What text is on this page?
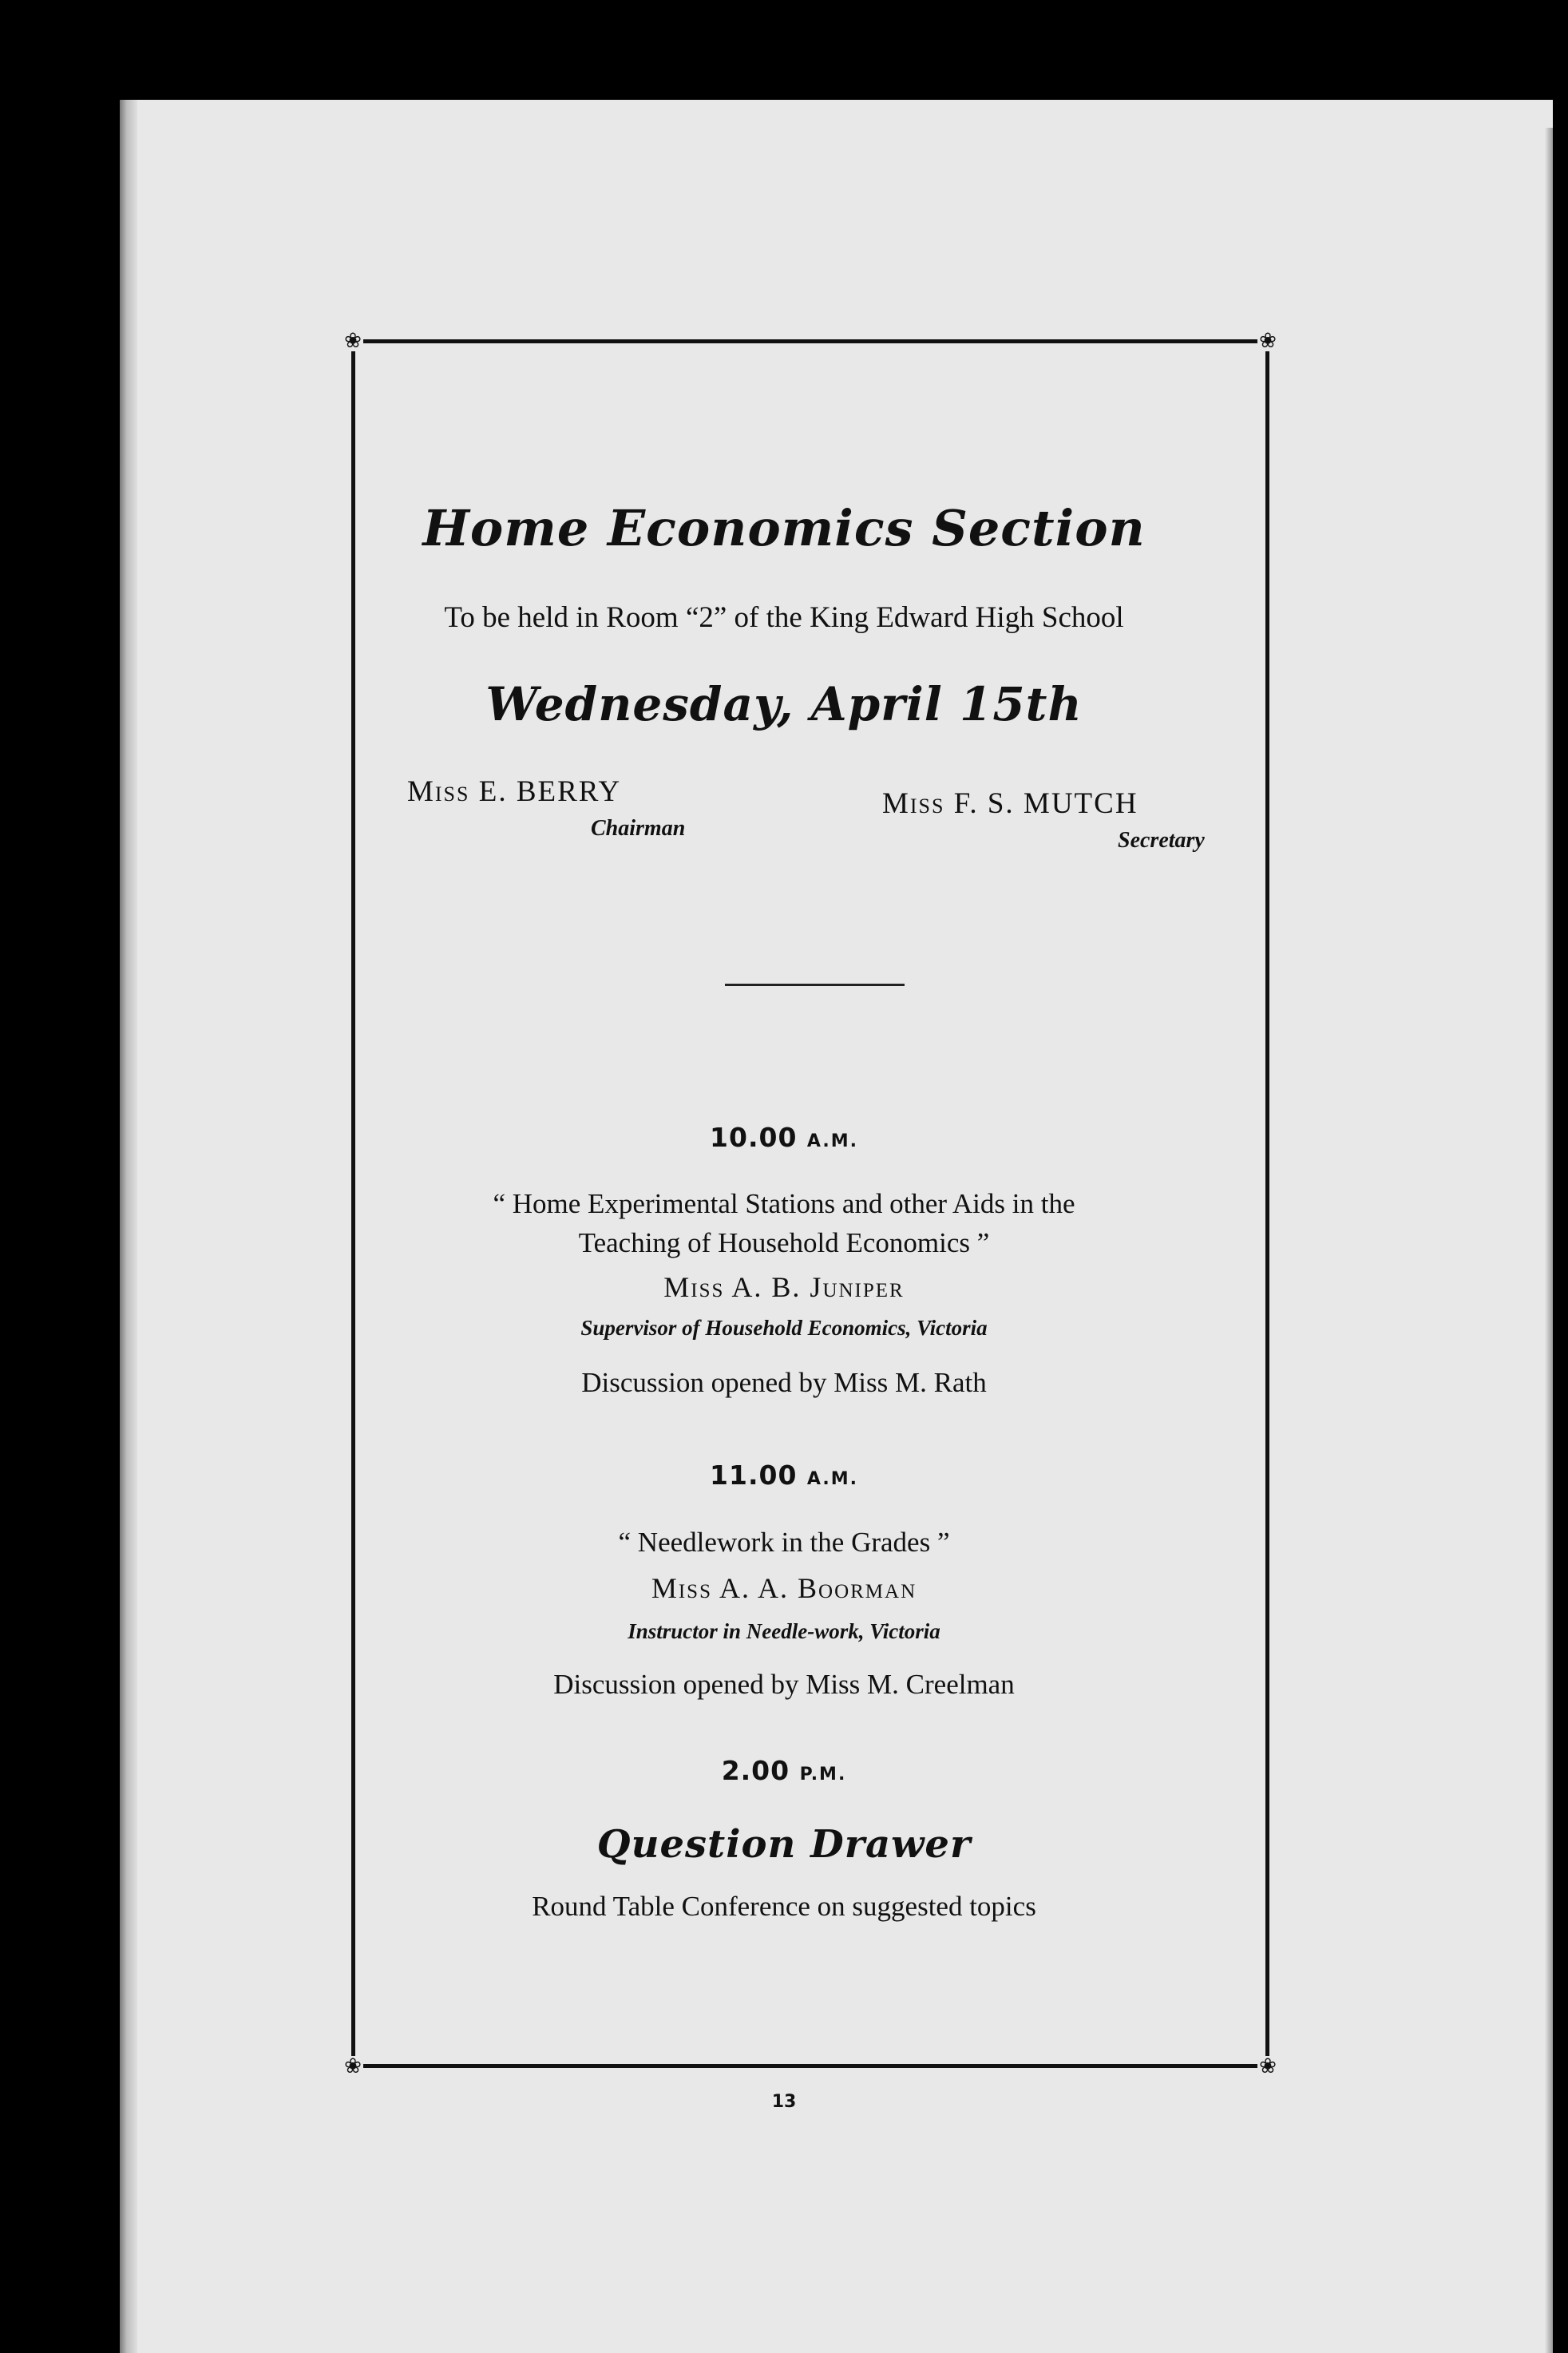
❀	❀
❀	❀
Home Economics Section
To be held in Room “2” of the King Edward High School
Wednesday, April 15th
Miss E. BERRY
Chairman
Miss F. S. MUTCH
Secretary
10.00 A.M.
“ Home Experimental Stations and other Aids in the
Teaching of Household Economics ”
Miss A. B. Juniper
Supervisor of Household Economics, Victoria
Discussion opened by Miss M. Rath
11.00 A.M.
“ Needlework in the Grades ”
Miss A. A. Boorman
Instructor in Needle-work, Victoria
Discussion opened by Miss M. Creelman
2.00 P.M.
Question Drawer
Round Table Conference on suggested topics
13
